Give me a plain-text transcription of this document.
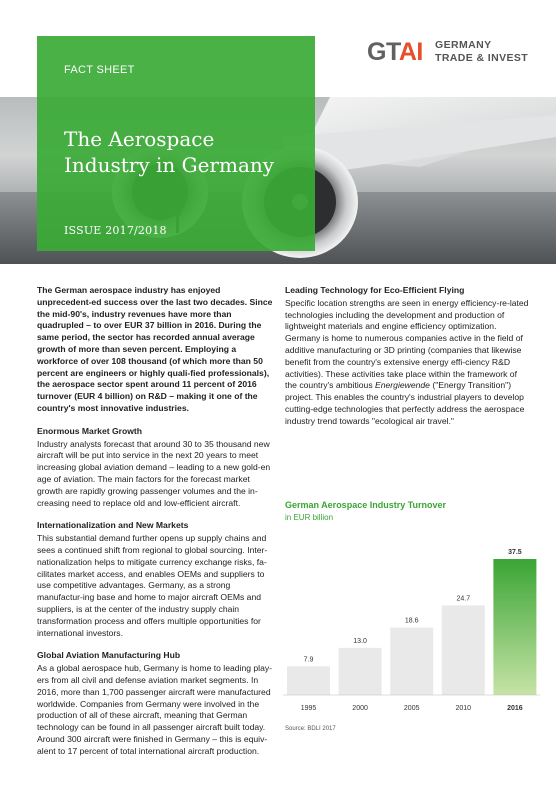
GTAI GERMANY
TRADE & INVEST
FACT SHEET
The Aerospace
Industry in Germany
ISSUE 2017/2018

The German aerospace industry has enjoyed unprecedent-ed success over the last two decades. Since the mid-90's, industry revenues have more than quadrupled – to over EUR 37 billion in 2016. During the same period, the sector has recorded annual average growth of more than seven percent. Employing a workforce of over 108 thousand (of which more than 50 percent are engineers or highly quali-fied professionals), the aerospace sector spent around 11 percent of 2016 turnover (EUR 4 billion) on R&D – making it one of the country's most innovative industries.

Enormous Market Growth

Industry analysts forecast that around 30 to 35 thousand new aircraft will be put into service in the next 20 years to meet increasing global aviation demand – leading to a new gold-en age of aviation. The main factors for the forecast market growth are rapidly growing passenger volumes and the in-creasing need to replace old and low-efficient aircraft.

Internationalization and New Markets

This substantial demand further opens up supply chains and sees a continued shift from regional to global sourcing. Inter-nationalization helps to mitigate currency exchange risks, fa-cilitates market access, and enables OEMs and suppliers to use competitive advantages. Germany, as a strong manufactur-ing base and home to major aircraft OEMs and suppliers, is at the center of the industry supply chain transformation process and offers multiple opportunities for international investors.

Global Aviation Manufacturing Hub

As a global aerospace hub, Germany is home to leading play-ers from all civil and defense aviation market segments. In 2016, more than 1,700 passenger aircraft were manufactured worldwide. Companies from Germany were involved in the production of all of these aircraft, meaning that German technology can be found in all passenger aircraft built today. Around 300 aircraft were finished in Germany – this is equiv-alent to 17 percent of total international aircraft production.

Leading Technology for Eco-Efficient Flying

Specific location strengths are seen in energy efficiency-re-lated technologies including the development and production of lightweight materials and engine efficiency optimization. Germany is home to numerous companies active in the field of additive manufacturing or 3D printing (companies that likewise benefit from the country's extensive energy effi-ciency R&D activities). These activities take place within the framework of the country's ambitious Energiewende ("Energy Transition") project. This enables the country's industrial players to develop cutting-edge technologies that perfectly address the aerospace industry trend towards "ecological air travel."

German Aerospace Industry Turnover
in EUR billion
7.9
1995
13.0
2000
18.6
2005
24.7
2010
37.5
2016
Source: BDLI 2017
